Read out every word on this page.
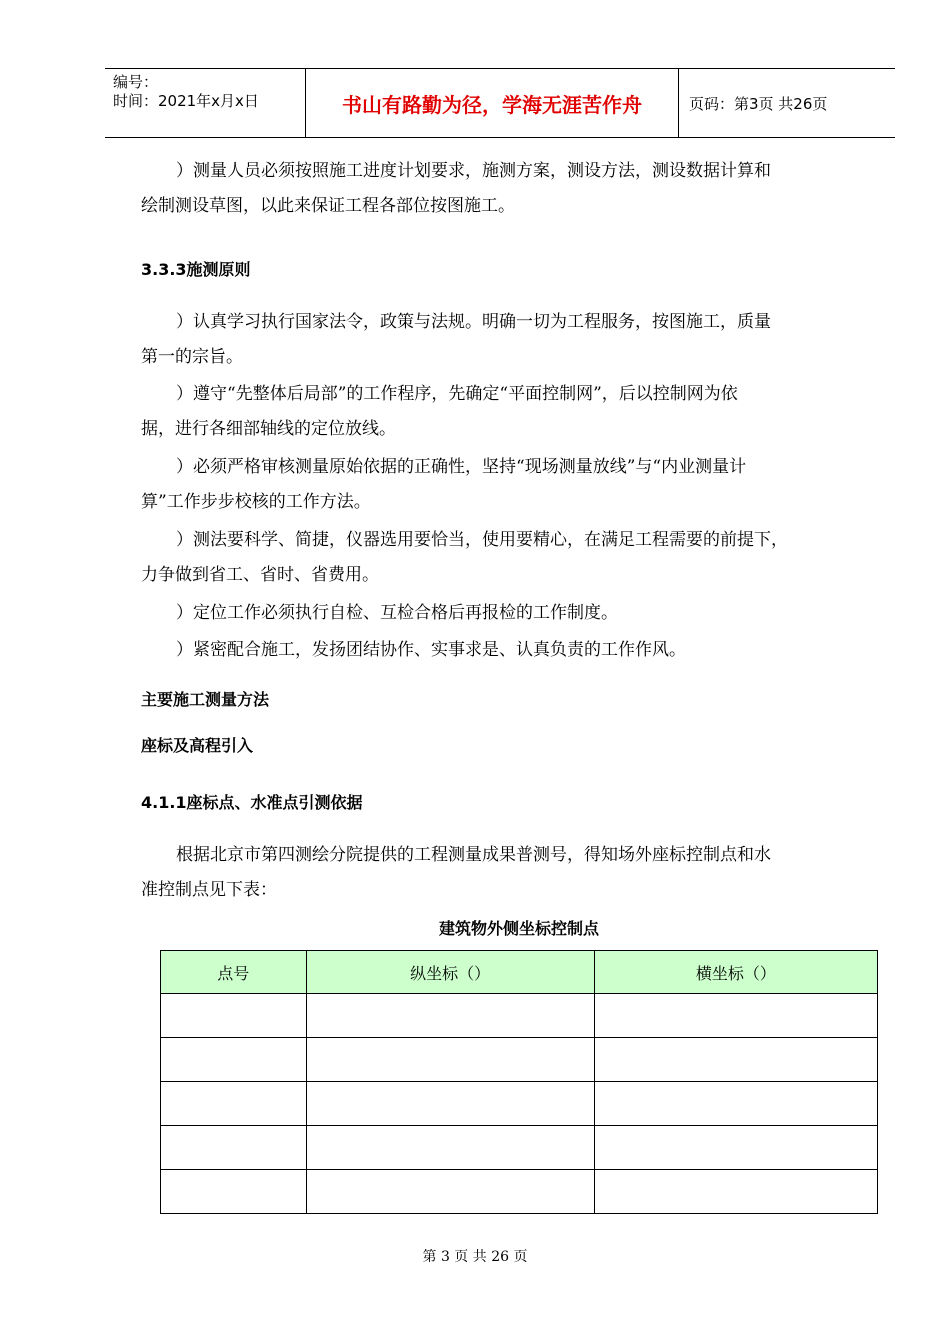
编号：
时间：2021年x月x日	书山有路勤为径，学海无涯苦作舟	页码：第3页 共26页

）测量人员必须按照施工进度计划要求，施测方案，测设方法，测设数据计算和
绘制测设草图，以此来保证工程各部位按图施工。

3.3.3施测原则

）认真学习执行国家法令，政策与法规。明确一切为工程服务，按图施工，质量
第一的宗旨。

）遵守“先整体后局部”的工作程序，先确定“平面控制网”，后以控制网为依
据，进行各细部轴线的定位放线。

）必须严格审核测量原始依据的正确性，坚持“现场测量放线”与“内业测量计
算”工作步步校核的工作方法。

）测法要科学、简捷，仪器选用要恰当，使用要精心，在满足工程需要的前提下，
力争做到省工、省时、省费用。

）定位工作必须执行自检、互检合格后再报检的工作制度。

）紧密配合施工，发扬团结协作、实事求是、认真负责的工作作风。

主要施工测量方法
座标及高程引入
4.1.1座标点、水准点引测依据

根据北京市第四测绘分院提供的工程测量成果普测号，得知场外座标控制点和水
准控制点见下表：

建筑物外侧坐标控制点
点号	纵坐标（）	横坐标（）

第 3 页 共 26 页
